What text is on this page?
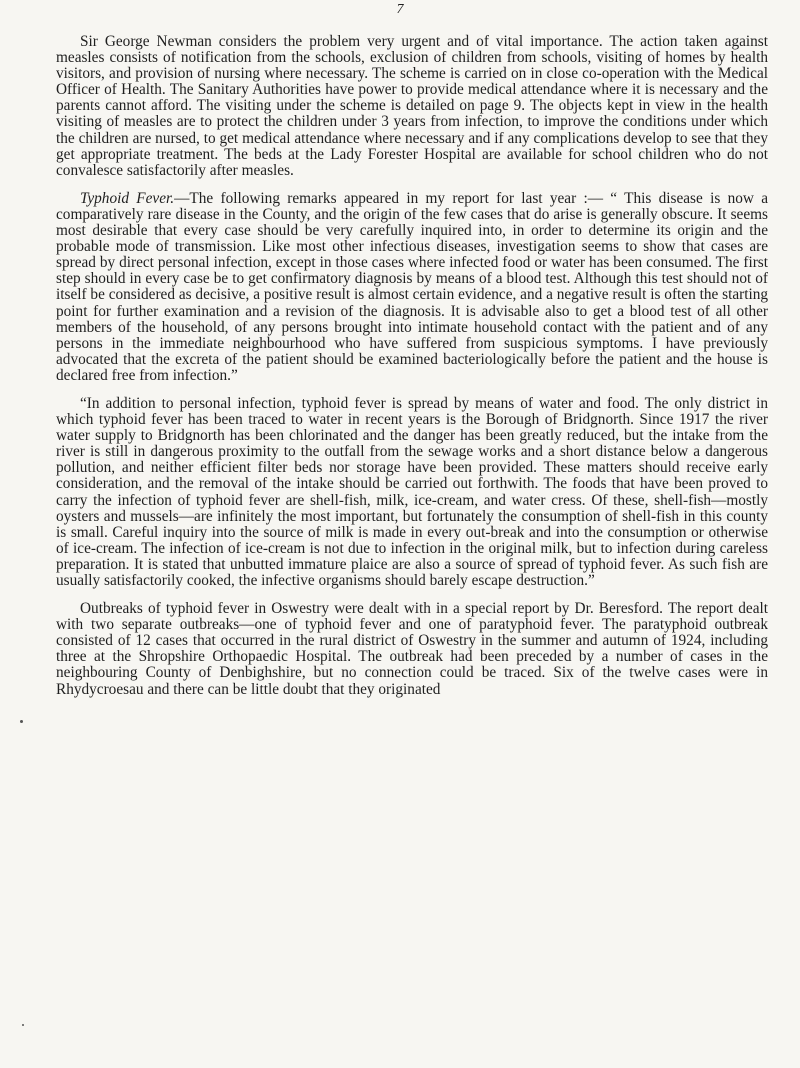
7

Sir George Newman considers the problem very urgent and of vital importance. The action taken against measles consists of notification from the schools, exclusion of children from schools, visiting of homes by health visitors, and provision of nursing where necessary. The scheme is carried on in close co-operation with the Medical Officer of Health. The Sanitary Authorities have power to provide medical attendance where it is necessary and the parents cannot afford. The visiting under the scheme is detailed on page 9. The objects kept in view in the health visiting of measles are to protect the children under 3 years from infection, to improve the conditions under which the children are nursed, to get medical attendance where necessary and if any complications develop to see that they get appropriate treatment. The beds at the Lady Forester Hospital are available for school children who do not convalesce satisfactorily after measles.

Typhoid Fever.—The following remarks appeared in my report for last year :— “ This disease is now a comparatively rare disease in the County, and the origin of the few cases that do arise is generally obscure. It seems most desirable that every case should be very carefully inquired into, in order to determine its origin and the probable mode of transmission. Like most other infectious diseases, investigation seems to show that cases are spread by direct personal infection, except in those cases where infected food or water has been consumed. The first step should in every case be to get confirmatory diagnosis by means of a blood test. Although this test should not of itself be considered as decisive, a positive result is almost certain evidence, and a negative result is often the starting point for further examination and a revision of the diagnosis. It is advisable also to get a blood test of all other members of the household, of any persons brought into intimate household contact with the patient and of any persons in the immediate neighbourhood who have suffered from suspicious symptoms. I have previously advocated that the excreta of the patient should be examined bacteriologically before the patient and the house is declared free from infection.”

“In addition to personal infection, typhoid fever is spread by means of water and food. The only district in which typhoid fever has been traced to water in recent years is the Borough of Bridgnorth. Since 1917 the river water supply to Bridgnorth has been chlorinated and the danger has been greatly reduced, but the intake from the river is still in dangerous proximity to the outfall from the sewage works and a short distance below a dangerous pollution, and neither efficient filter beds nor storage have been provided. These matters should receive early consideration, and the removal of the intake should be carried out forthwith. The foods that have been proved to carry the infection of typhoid fever are shell-fish, milk, ice-cream, and water cress. Of these, shell-fish—mostly oysters and mussels—are infinitely the most important, but fortunately the consumption of shell-fish in this county is small. Careful inquiry into the source of milk is made in every out-break and into the consumption or otherwise of ice-cream. The infection of ice-cream is not due to infection in the original milk, but to infection during careless preparation. It is stated that unbutted immature plaice are also a source of spread of typhoid fever. As such fish are usually satisfactorily cooked, the infective organisms should barely escape destruction.”

Outbreaks of typhoid fever in Oswestry were dealt with in a special report by Dr. Beresford. The report dealt with two separate outbreaks—one of typhoid fever and one of paratyphoid fever. The paratyphoid outbreak consisted of 12 cases that occurred in the rural district of Oswestry in the summer and autumn of 1924, including three at the Shropshire Orthopaedic Hospital. The outbreak had been preceded by a number of cases in the neighbouring County of Denbighshire, but no connection could be traced. Six of the twelve cases were in Rhydycroesau and there can be little doubt that they originated
